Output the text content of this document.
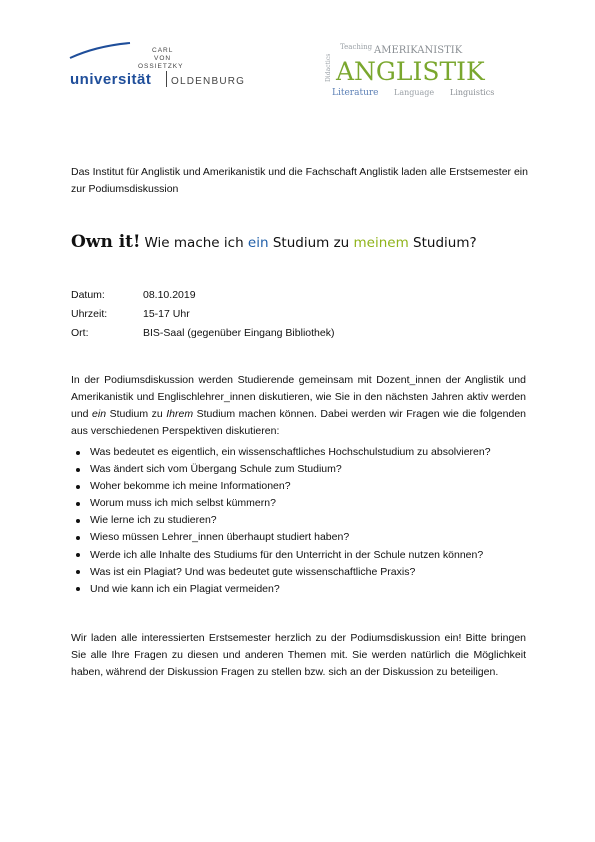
CARL
VON
OSSIETZKY
universität OLDENBURG
Teaching
Didactics
AMERIKANISTIK
ANGLISTIK
Literature Language Linguistics

Das Institut für Anglistik und Amerikanistik und die Fachschaft Anglistik laden alle Erstsemester ein zur Podiumsdiskussion

Own it! Wie mache ich ein Studium zu meinem Studium?

Datum:	08.10.2019
Uhrzeit:	15-17 Uhr
Ort:	BIS-Saal (gegenüber Eingang Bibliothek)

In der Podiumsdiskussion werden Studierende gemeinsam mit Dozent_innen der Anglistik und Amerikanistik und Englischlehrer_innen diskutieren, wie Sie in den nächsten Jahren aktiv werden und ein Studium zu Ihrem Studium machen können. Dabei werden wir Fragen wie die folgenden aus verschiedenen Perspektiven diskutieren:

Was bedeutet es eigentlich, ein wissenschaftliches Hochschulstudium zu absolvieren?
Was ändert sich vom Übergang Schule zum Studium?
Woher bekomme ich meine Informationen?
Worum muss ich mich selbst kümmern?
Wie lerne ich zu studieren?
Wieso müssen Lehrer_innen überhaupt studiert haben?
Werde ich alle Inhalte des Studiums für den Unterricht in der Schule nutzen können?
Was ist ein Plagiat? Und was bedeutet gute wissenschaftliche Praxis?
Und wie kann ich ein Plagiat vermeiden?

Wir laden alle interessierten Erstsemester herzlich zu der Podiumsdiskussion ein! Bitte bringen Sie alle Ihre Fragen zu diesen und anderen Themen mit. Sie werden natürlich die Möglichkeit haben, während der Diskussion Fragen zu stellen bzw. sich an der Diskussion zu beteiligen.
